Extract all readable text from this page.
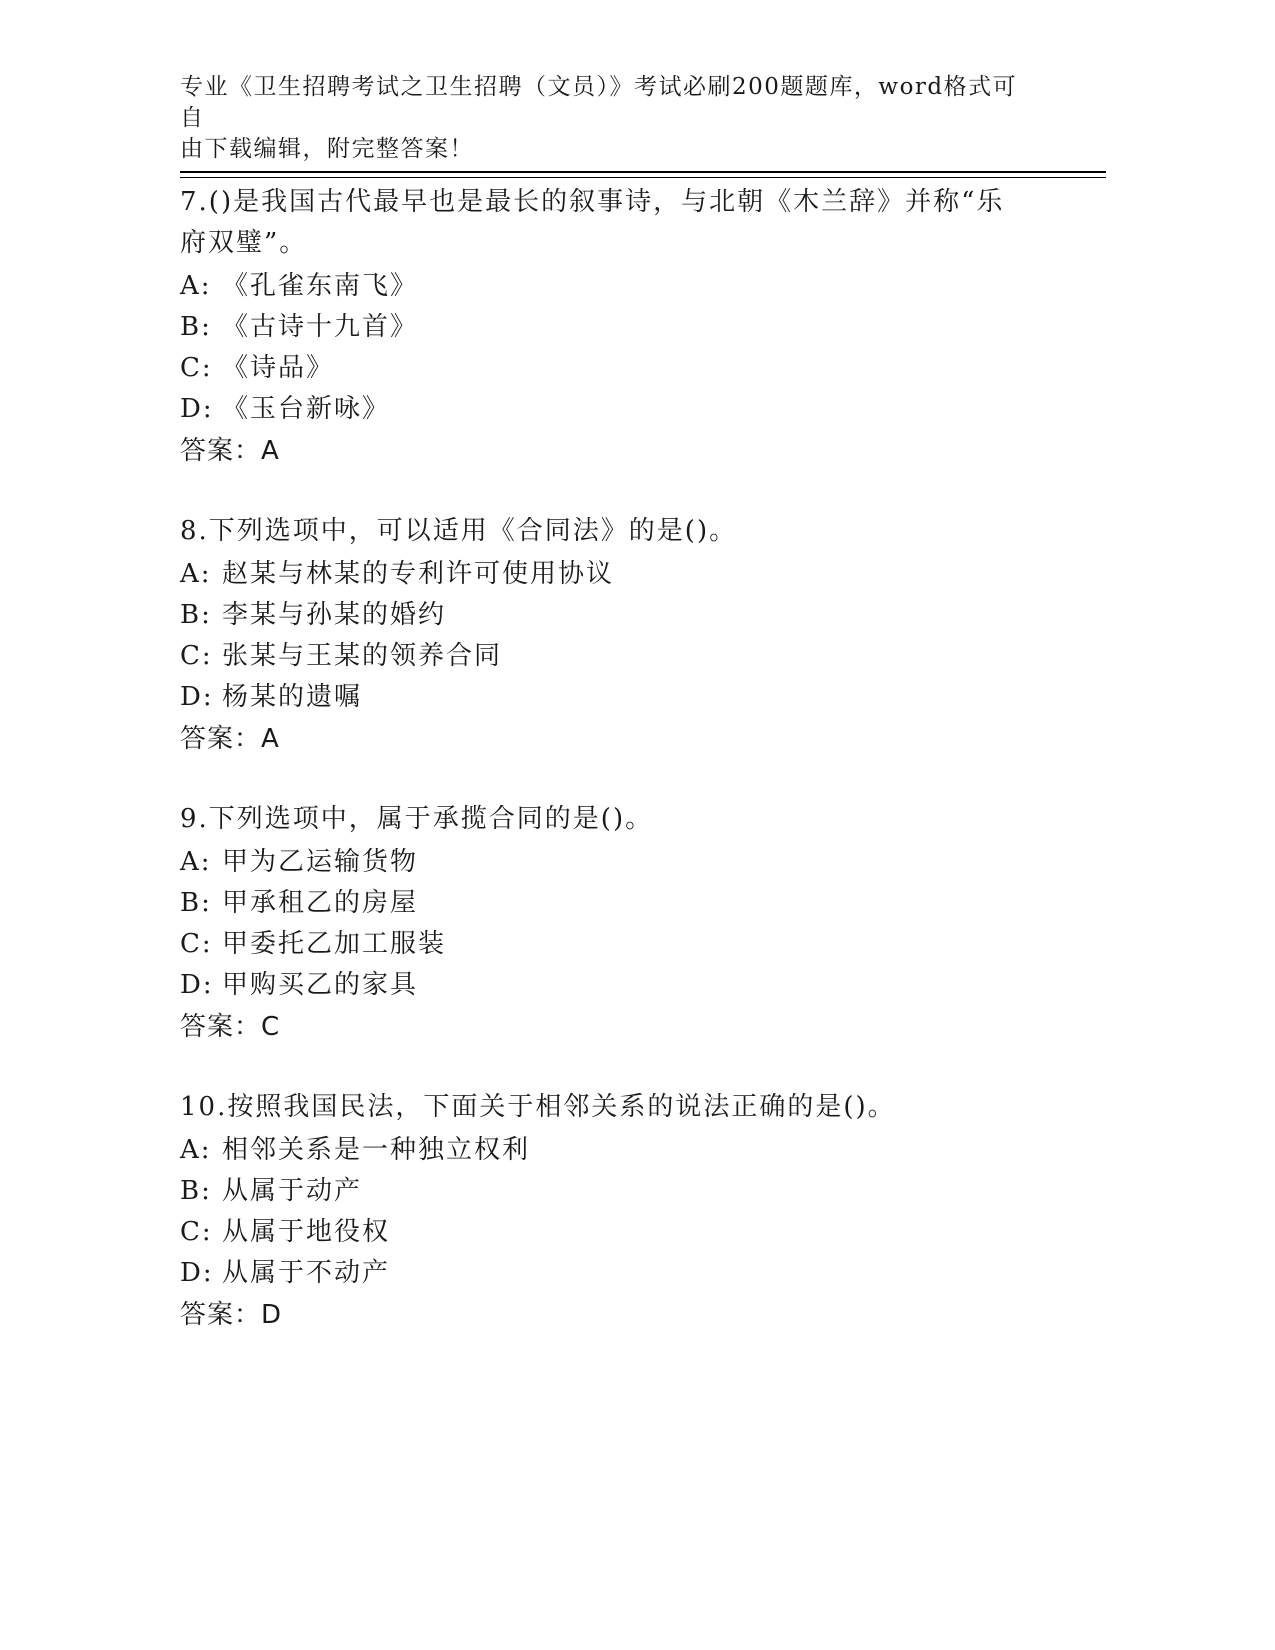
专业《卫生招聘考试之卫生招聘（文员）》考试必刷200题题库，word格式可自
由下载编辑，附完整答案！

7.()是我国古代最早也是最长的叙事诗，与北朝《木兰辞》并称“乐府双璧”。

A: 《孔雀东南飞》

B: 《古诗十九首》

C: 《诗品》

D: 《玉台新咏》

答案：A

8.下列选项中，可以适用《合同法》的是()。

A: 赵某与林某的专利许可使用协议

B: 李某与孙某的婚约

C: 张某与王某的领养合同

D: 杨某的遗嘱

答案：A

9.下列选项中，属于承揽合同的是()。

A: 甲为乙运输货物

B: 甲承租乙的房屋

C: 甲委托乙加工服装

D: 甲购买乙的家具

答案：C

10.按照我国民法，下面关于相邻关系的说法正确的是()。

A: 相邻关系是一种独立权利

B: 从属于动产

C: 从属于地役权

D: 从属于不动产

答案：D
